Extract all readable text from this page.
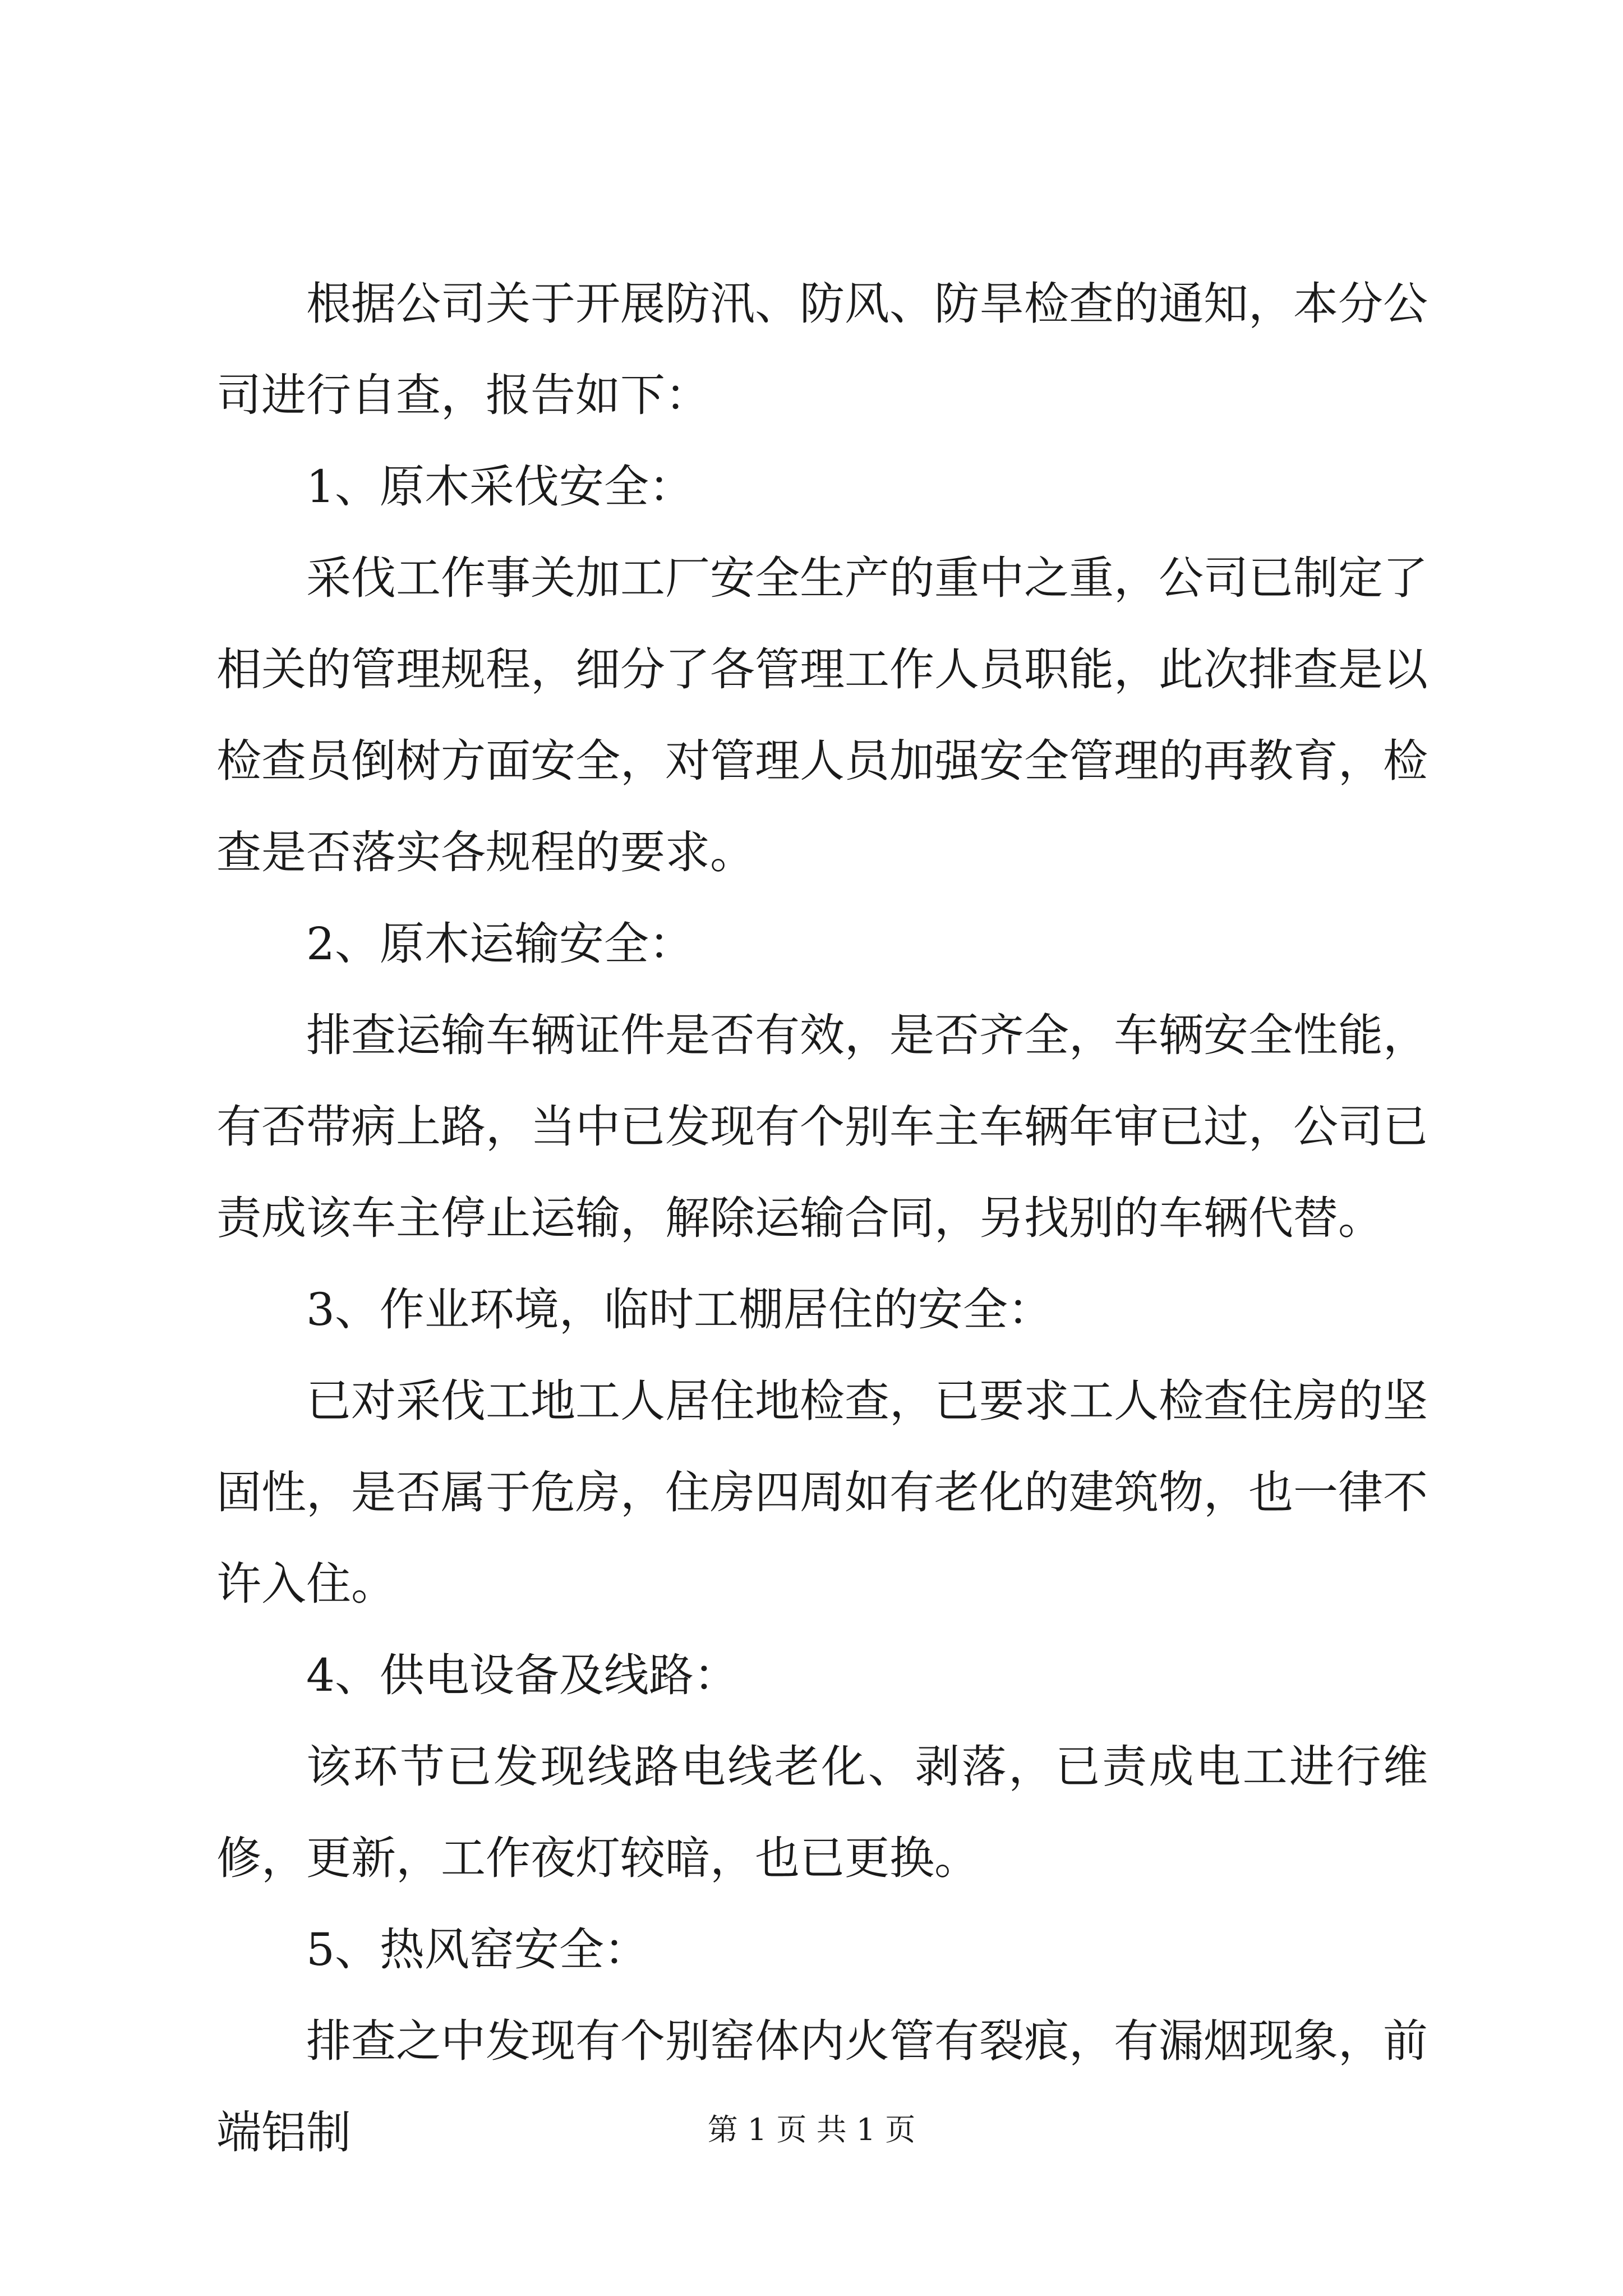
根据公司关于开展防汛、防风、防旱检查的通知，本分公司进行自查，报告如下：

1、原木采伐安全：

采伐工作事关加工厂安全生产的重中之重，公司已制定了相关的管理规程，细分了各管理工作人员职能，此次排查是以检查员倒树方面安全，对管理人员加强安全管理的再教育，检查是否落实各规程的要求。

2、原木运输安全：

排查运输车辆证件是否有效，是否齐全，车辆安全性能，有否带病上路，当中已发现有个别车主车辆年审已过，公司已责成该车主停止运输，解除运输合同，另找别的车辆代替。

3、作业环境，临时工棚居住的安全：

已对采伐工地工人居住地检查，已要求工人检查住房的坚固性，是否属于危房，住房四周如有老化的建筑物，也一律不许入住。

4、供电设备及线路：

该环节已发现线路电线老化、剥落，已责成电工进行维修，更新，工作夜灯较暗，也已更换。

5、热风窑安全：

排查之中发现有个别窑体内火管有裂痕，有漏烟现象，前端铝制	第 1 页 共 1 页
